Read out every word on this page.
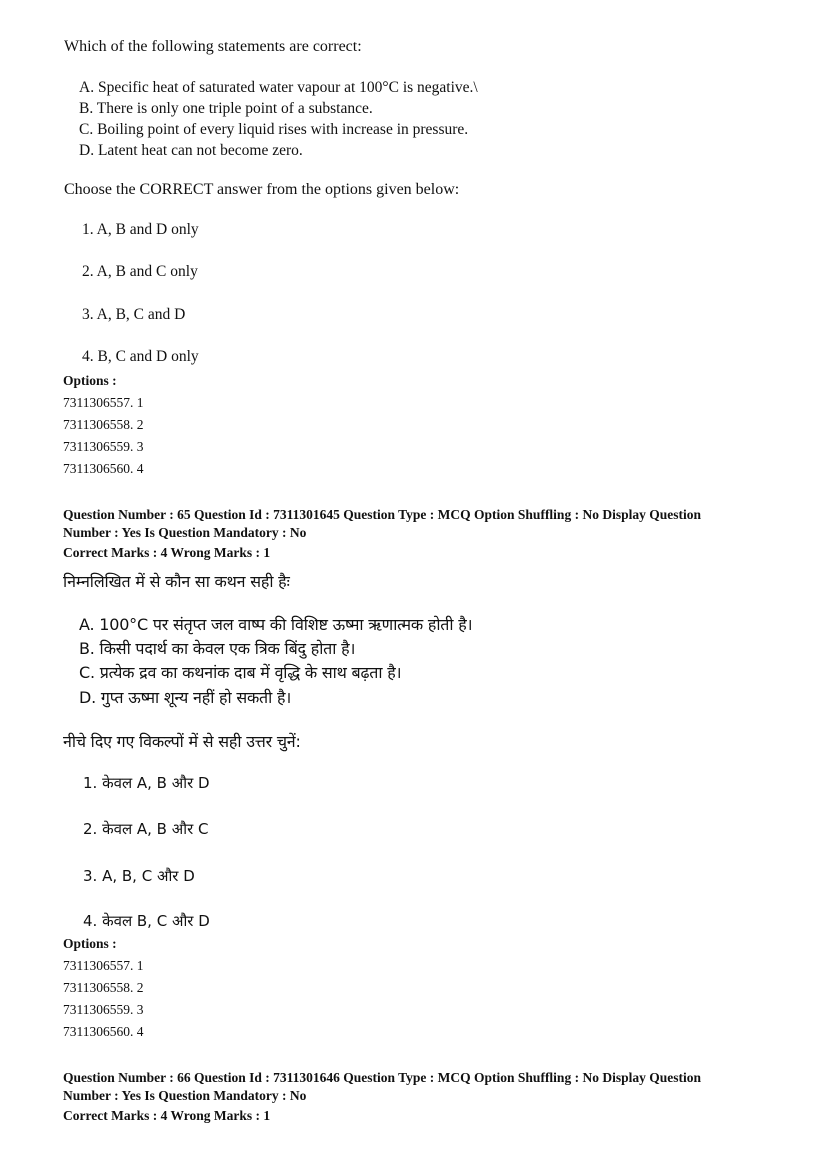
Which of the following statements are correct:
A. Specific heat of saturated water vapour at 100°C is negative.\
B. There is only one triple point of a substance.
C. Boiling point of every liquid rises with increase in pressure.
D. Latent heat can not become zero.
Choose the CORRECT answer from the options given below:
1. A, B and D only
2. A, B and C only
3. A, B, C and D
4. B, C and D only
Options :
7311306557. 1
7311306558. 2
7311306559. 3
7311306560. 4
Question Number : 65 Question Id : 7311301645 Question Type : MCQ Option Shuffling : No Display Question
Number : Yes Is Question Mandatory : No
Correct Marks : 4 Wrong Marks : 1
निम्नलिखित में से कौन सा कथन सही हैः
A. 100°C पर संतृप्त जल वाष्प की विशिष्ट ऊष्मा ऋणात्मक होती है।
B. किसी पदार्थ का केवल एक त्रिक बिंदु होता है।
C. प्रत्येक द्रव का कथनांक दाब में वृद्धि के साथ बढ़ता है।
D. गुप्त ऊष्मा शून्य नहीं हो सकती है।
नीचे दिए गए विकल्पों में से सही उत्तर चुनें:
1. केवल A, B और D
2. केवल A, B और C
3. A, B, C और D
4. केवल B, C और D
Options :
7311306557. 1
7311306558. 2
7311306559. 3
7311306560. 4
Question Number : 66 Question Id : 7311301646 Question Type : MCQ Option Shuffling : No Display Question
Number : Yes Is Question Mandatory : No
Correct Marks : 4 Wrong Marks : 1
